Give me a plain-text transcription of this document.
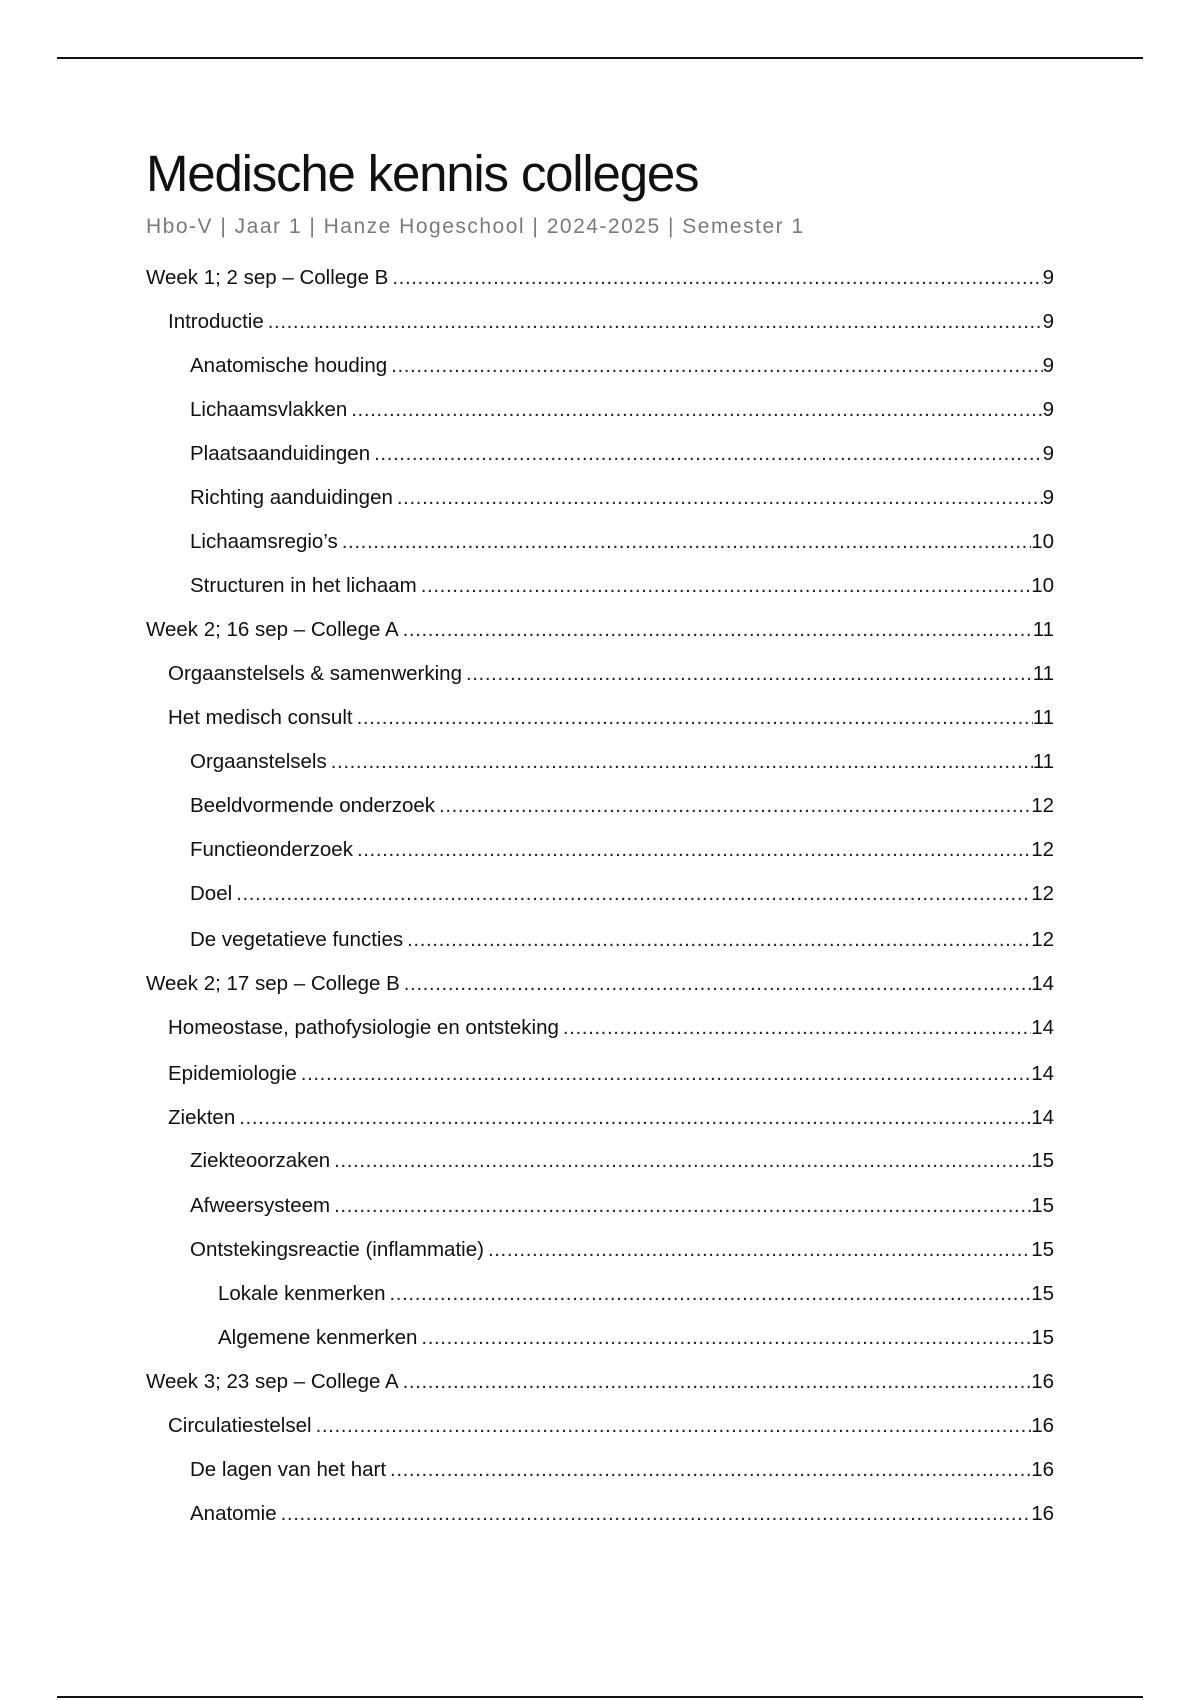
Medische kennis colleges

Hbo-V | Jaar 1 | Hanze Hogeschool | 2024-2025 | Semester 1

Week 1; 2 sep – College B .....	9
Introductie .....	9
Anatomische houding .....	9
Lichaamsvlakken .....	9
Plaatsaanduidingen .....	9
Richting aanduidingen .....	9
Lichaamsregio’s .....	10
Structuren in het lichaam .....	10
Week 2; 16 sep – College A .....	11
Orgaanstelsels & samenwerking .....	11
Het medisch consult .....	11
Orgaanstelsels .....	11
Beeldvormende onderzoek .....	12
Functieonderzoek .....	12
Doel .....	12
De vegetatieve functies .....	12
Week 2; 17 sep – College B .....	14
Homeostase, pathofysiologie en ontsteking .....	14
Epidemiologie .....	14
Ziekten .....	14
Ziekteoorzaken .....	15
Afweersysteem .....	15
Ontstekingsreactie (inflammatie) .....	15
Lokale kenmerken .....	15
Algemene kenmerken .....	15
Week 3; 23 sep – College A .....	16
Circulatiestelsel .....	16
De lagen van het hart .....	16
Anatomie .....	16
